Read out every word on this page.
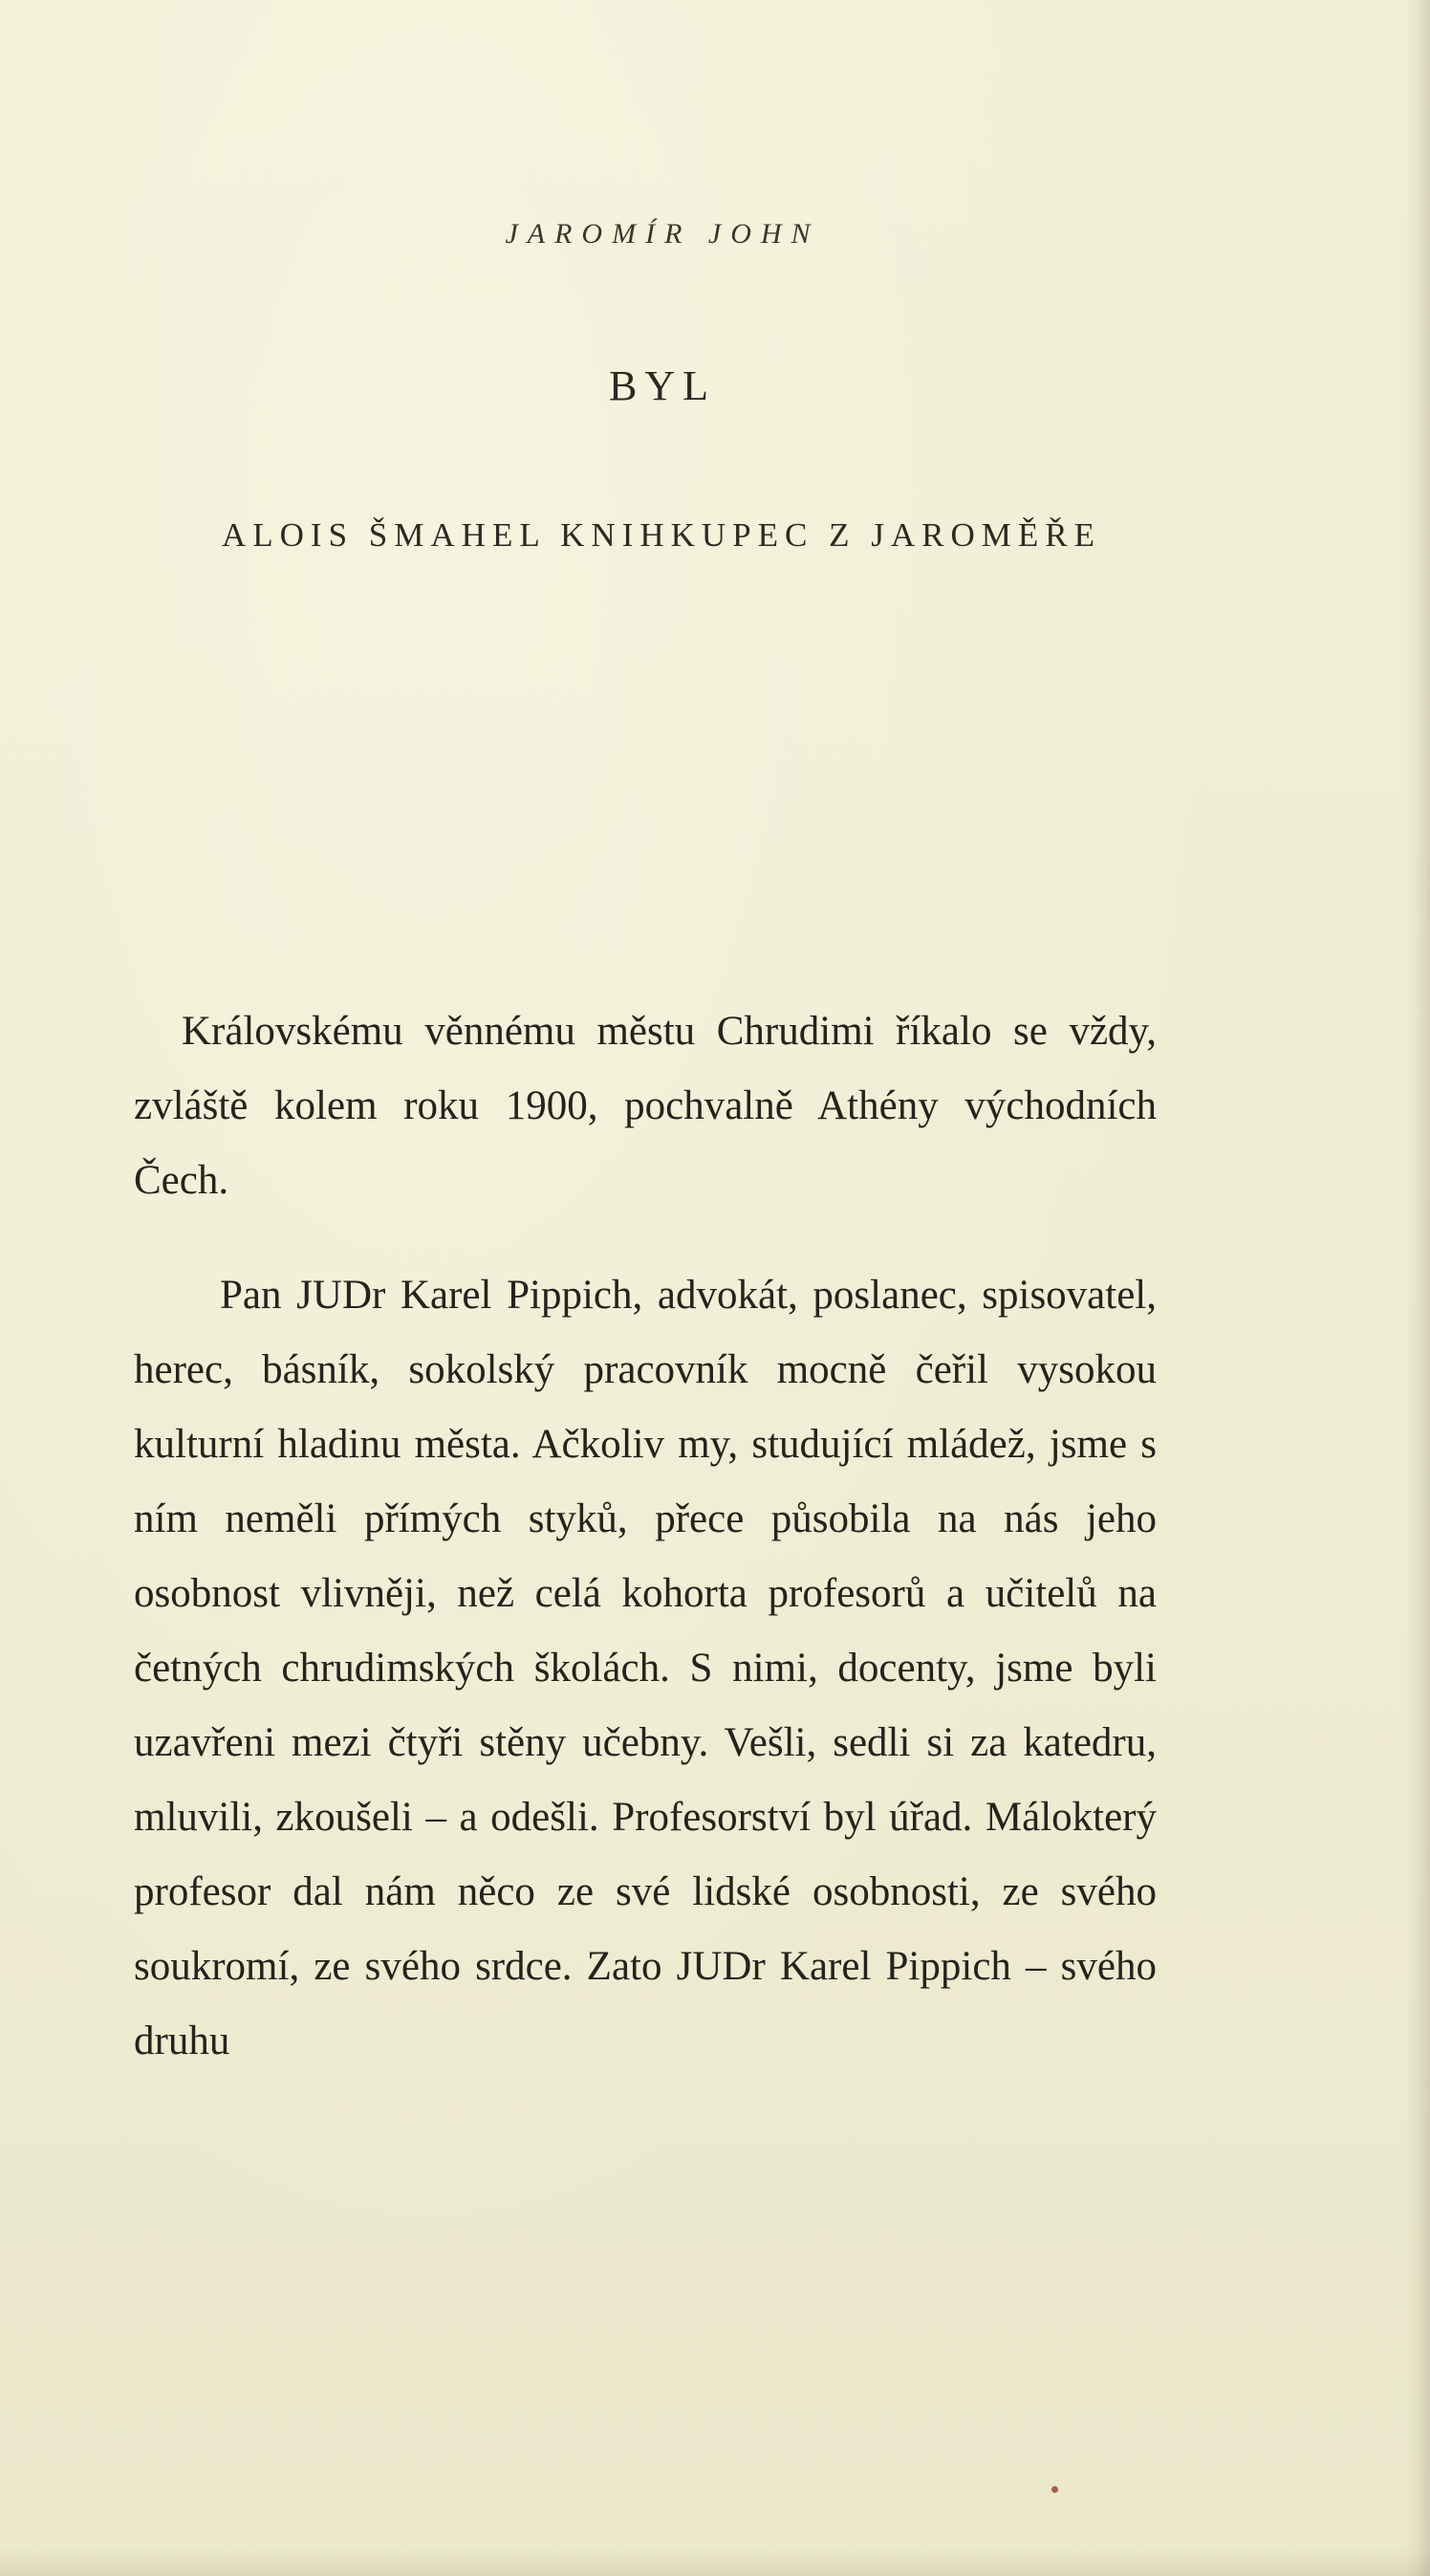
JAROMÍR JOHN
BYL
ALOIS ŠMAHEL KNIHKUPEC Z JAROMĚŘE

Královskému věnnému městu Chrudimi říkalo se vždy, zvláště kolem roku 1900, pochvalně Athény východních Čech.

Pan JUDr Karel Pippich, advokát, poslanec, spisovatel, herec, básník, sokolský pracovník mocně čeřil vysokou kulturní hladinu města. Ačkoliv my, studující mládež, jsme s ním neměli přímých styků, přece působila na nás jeho osobnost vlivněji, než celá kohorta profesorů a učitelů na četných chrudimských školách. S nimi, docenty, jsme byli uzavřeni mezi čtyři stěny učebny. Vešli, sedli si za katedru, mluvili, zkoušeli – a odešli. Profesorství byl úřad. Málokterý profesor dal nám něco ze své lidské osobnosti, ze svého soukromí, ze svého srdce. Zato JUDr Karel Pippich – svého druhu
